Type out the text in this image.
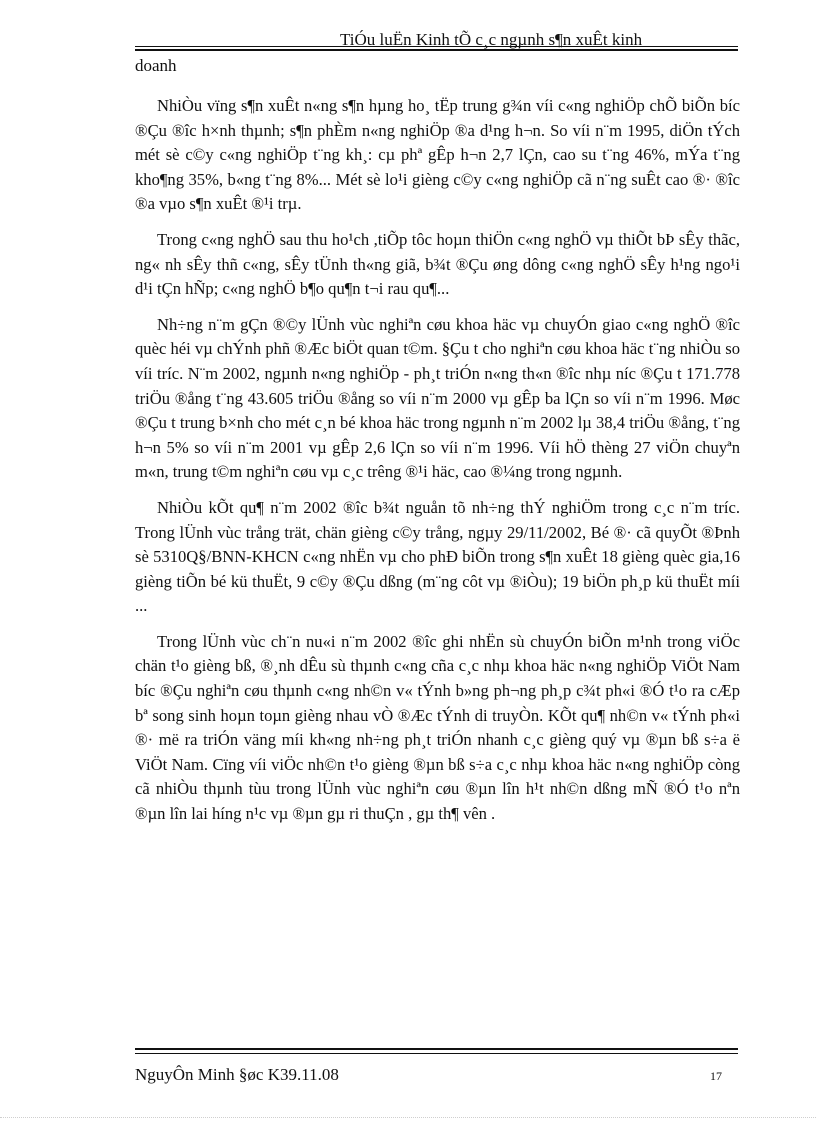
TiÓu luËn Kinh tÕ c¸c ngµnh s¶n xuÊt kinh
doanh

NhiÒu vïng s¶n xuÊt n«ng s¶n hµng ho¸ tËp trung g¾n víi c«ng nghiÖp chÕ biÕn bíc ®Çu ®îc h×nh thµnh; s¶n phÈm n«ng nghiÖp ®a d¹ng h¬n. So víi n¨m 1995, diÖn tÝch mét sè c©y c«ng nghiÖp t¨ng kh¸: cµ phª gÊp h¬n 2,7 lÇn, cao su t¨ng 46%, mÝa t¨ng kho¶ng 35%, b«ng t¨ng 8%... Mét sè lo¹i gièng c©y c«ng nghiÖp cã n¨ng suÊt cao ®· ®îc ®a vµo s¶n xuÊt ®¹i trµ.

Trong c«ng nghÖ sau thu ho¹ch ,tiÕp tôc hoµn thiÖn c«ng nghÖ vµ thiÕt bÞ sÊy thãc, ng« nh sÊy thñ c«ng, sÊy tÜnh th«ng giã, b¾t ®Çu øng dông c«ng nghÖ sÊy h¹ng ngo¹i d¹i tÇn hÑp; c«ng nghÖ b¶o qu¶n t¬i rau qu¶...

Nh÷ng n¨m gÇn ®©y lÜnh vùc nghiªn cøu khoa häc vµ chuyÓn giao c«ng nghÖ ®îc quèc héi vµ chÝnh phñ ®Æc biÖt quan t©m. §Çu t cho nghiªn cøu khoa häc t¨ng nhiÒu so víi tríc. N¨m 2002, ngµnh n«ng nghiÖp - ph¸t triÓn n«ng th«n ®îc nhµ níc ®Çu t 171.778 triÖu ®ång t¨ng 43.605 triÖu ®ång so víi n¨m 2000 vµ gÊp ba lÇn so víi n¨m 1996. Møc ®Çu t trung b×nh cho mét c¸n bé khoa häc trong ngµnh n¨m 2002 lµ 38,4 triÖu ®ång, t¨ng h¬n 5% so víi n¨m 2001 vµ gÊp 2,6 lÇn so víi n¨m 1996. Víi hÖ thèng 27 viÖn chuyªn m«n, trung t©m nghiªn cøu vµ c¸c trêng ®¹i häc, cao ®¼ng trong ngµnh.

NhiÒu kÕt qu¶ n¨m 2002 ®îc b¾t nguån tõ nh÷ng thÝ nghiÖm trong c¸c n¨m tríc. Trong lÜnh vùc trång trät, chän gièng c©y trång, ngµy 29/11/2002, Bé ®· cã quyÕt ®Þnh sè 5310Q§/BNN-KHCN c«ng nhËn vµ cho phÐ biÕn trong s¶n xuÊt 18 gièng quèc gia,16 gièng tiÕn bé kü thuËt, 9 c©y ®Çu dßng (m¨ng côt vµ ®iÒu); 19 biÖn ph¸p kü thuËt míi ...

Trong lÜnh vùc ch¨n nu«i n¨m 2002 ®îc ghi nhËn sù chuyÓn biÕn m¹nh trong viÖc chän t¹o gièng bß, ®¸nh dÊu sù thµnh c«ng cña c¸c nhµ khoa häc n«ng nghiÖp ViÖt Nam bíc ®Çu nghiªn cøu thµnh c«ng nh©n v« tÝnh b»ng ph¬ng ph¸p c¾t ph«i ®Ó t¹o ra cÆp bª song sinh hoµn toµn gièng nhau vÒ ®Æc tÝnh di truyÒn. KÕt qu¶ nh©n v« tÝnh ph«i ®· më ra triÓn väng míi kh«ng nh÷ng ph¸t triÓn nhanh c¸c gièng quý vµ ®µn bß s÷a ë ViÖt Nam. Cïng víi viÖc nh©n t¹o gièng ®µn bß s÷a c¸c nhµ khoa häc n«ng nghiÖp còng cã nhiÒu thµnh tùu trong lÜnh vùc nghiªn cøu ®µn lîn h¹t nh©n dßng mÑ ®Ó t¹o nªn ®µn lîn lai híng n¹c vµ ®µn gµ ri thuÇn , gµ th¶ vên .

NguyÔn Minh §øc K39.11.08	17
